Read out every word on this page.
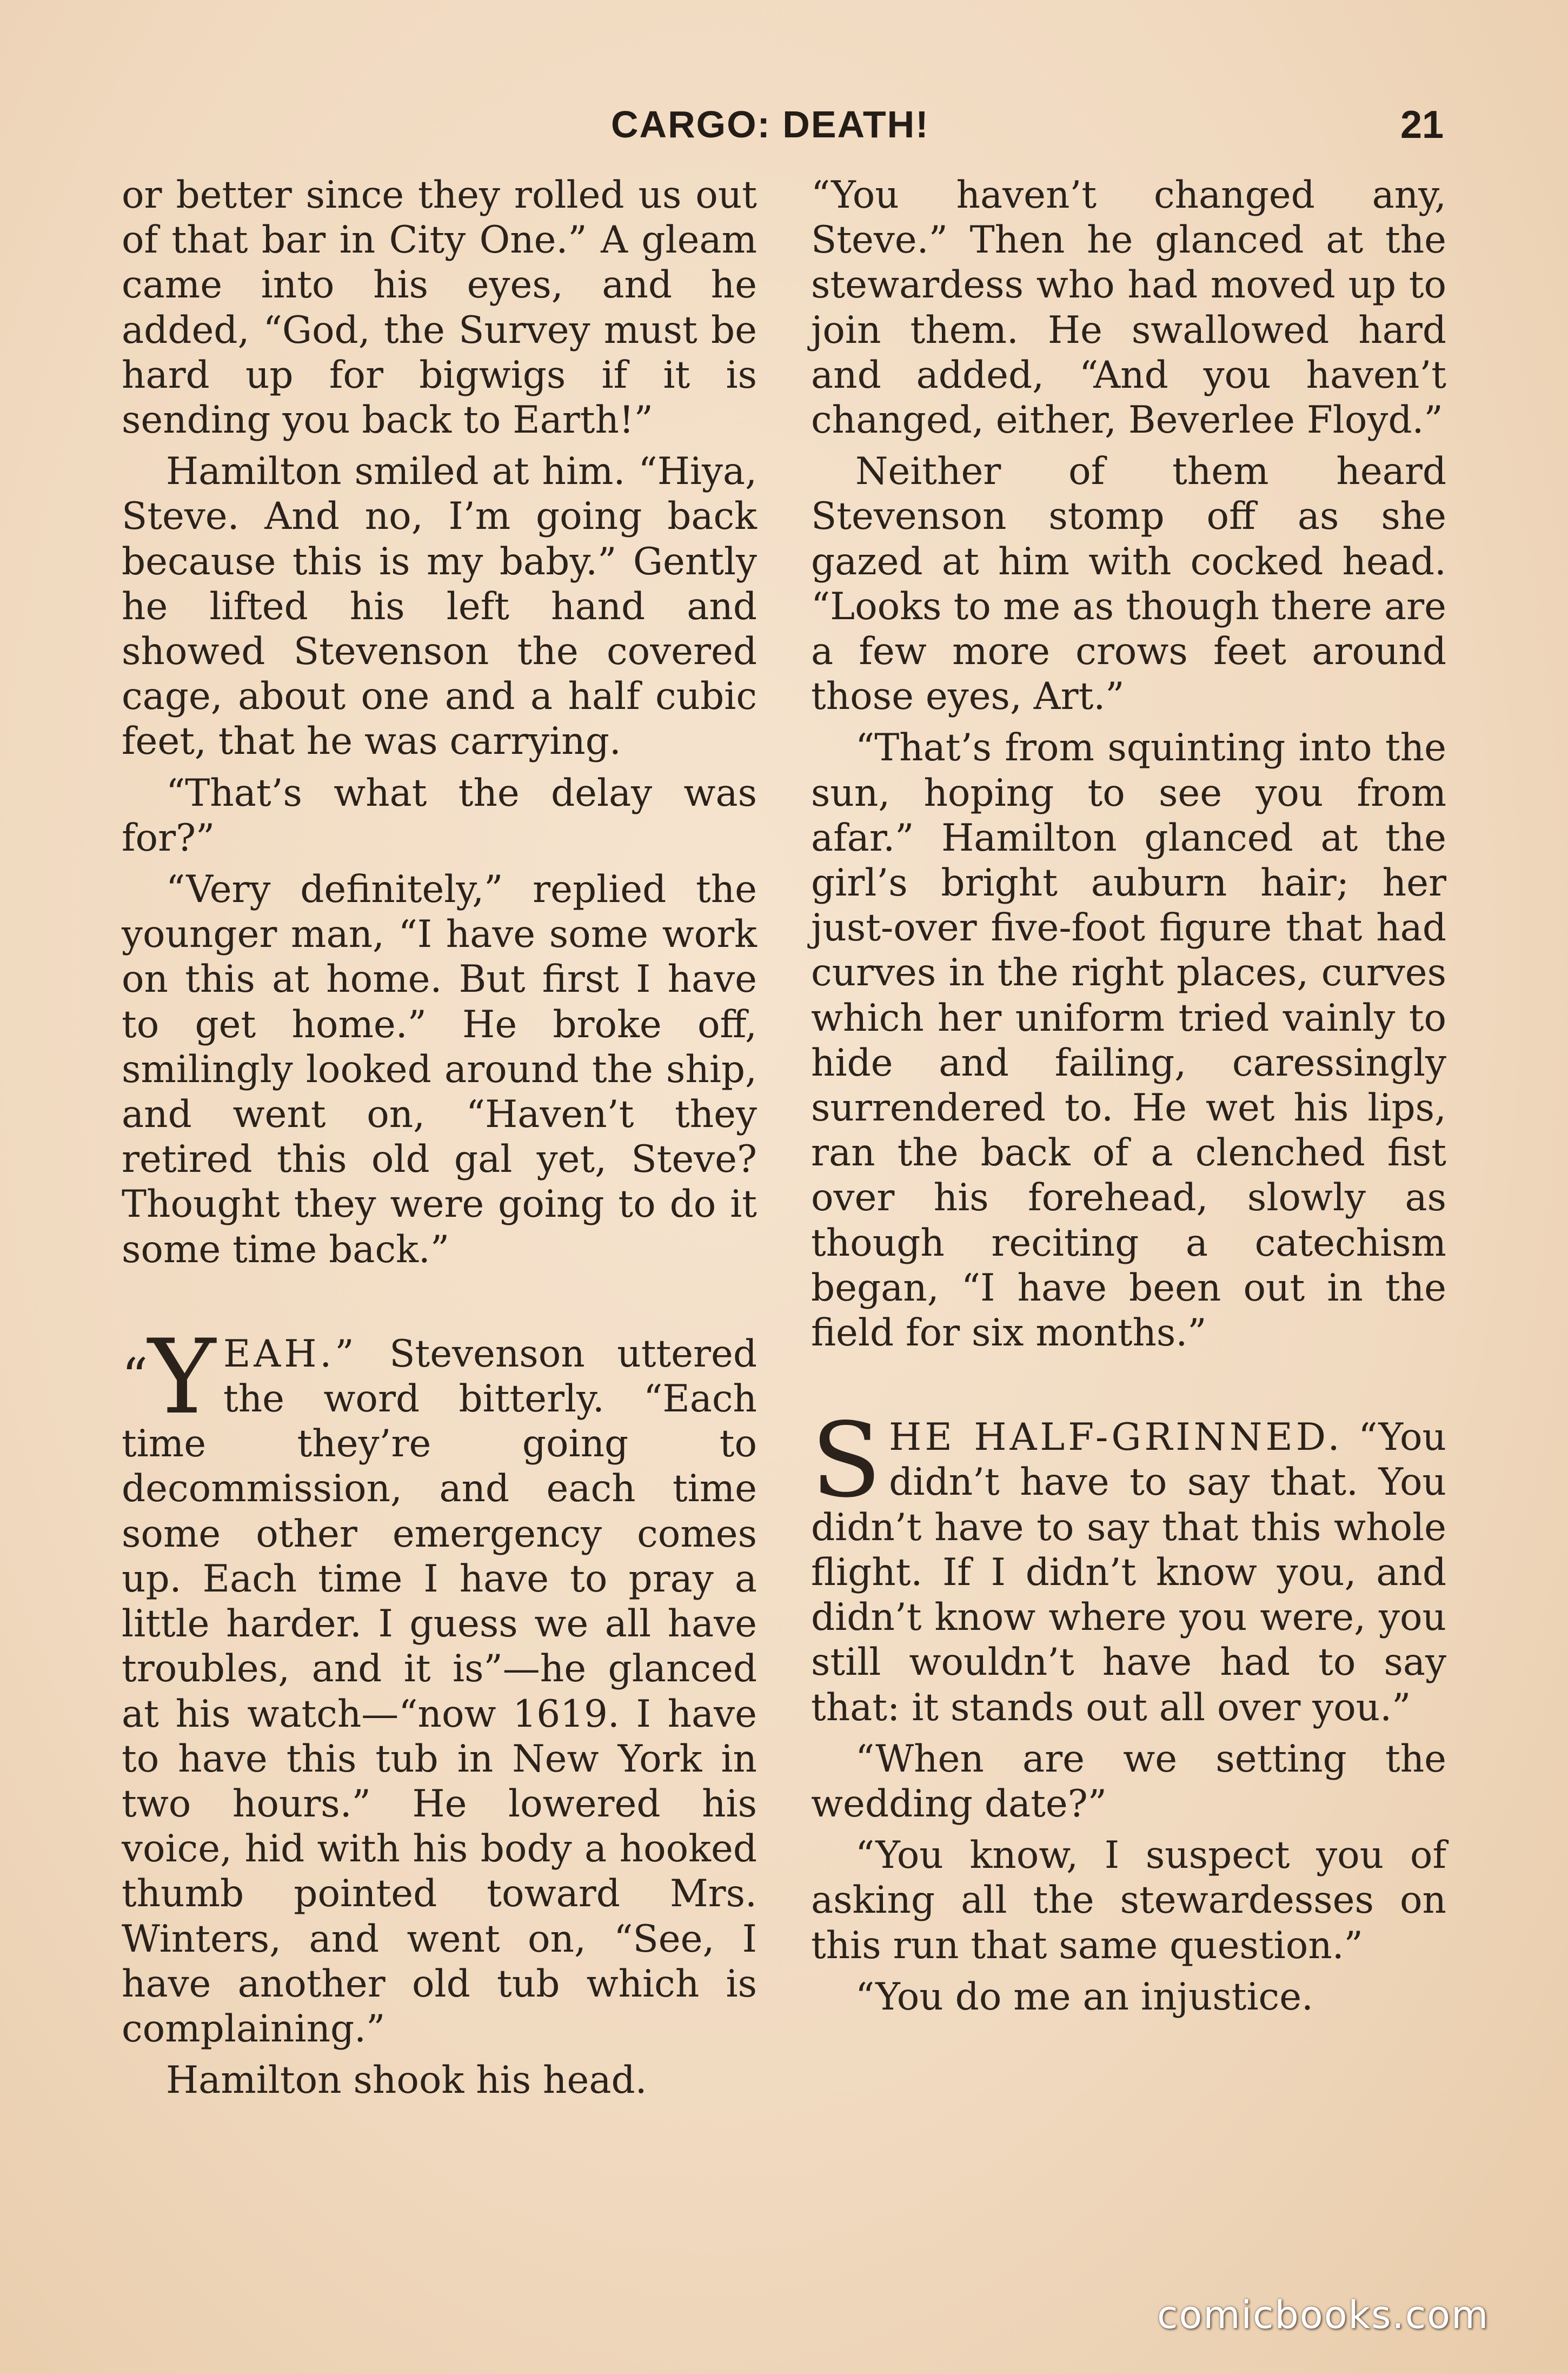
CARGO: DEATH!	21

or better since they rolled us out of that bar in City One.” A gleam came into his eyes, and he added, “God, the Survey must be hard up for bigwigs if it is sending you back to Earth!”

Hamilton smiled at him. “Hiya, Steve. And no, I’m going back because this is my baby.” Gently he lifted his left hand and showed Stevenson the covered cage, about one and a half cubic feet, that he was carrying.

“That’s what the delay was for?”

“Very definitely,” replied the younger man, “I have some work on this at home. But first I have to get home.” He broke off, smilingly looked around the ship, and went on, “Haven’t they retired this old gal yet, Steve? Thought they were going to do it some time back.”

“Y EAH.” Stevenson uttered the word bitterly. “Each time they’re going to decommission, and each time some other emergency comes up. Each time I have to pray a little harder. I guess we all have troubles, and it is”—he glanced at his watch—“now 1619. I have to have this tub in New York in two hours.” He lowered his voice, hid with his body a hooked thumb pointed toward Mrs. Winters, and went on, “See, I have another old tub which is complaining.”

Hamilton shook his head.

“You haven’t changed any, Steve.” Then he glanced at the stewardess who had moved up to join them. He swallowed hard and added, “And you haven’t changed, either, Beverlee Floyd.”

Neither of them heard Stevenson stomp off as she gazed at him with cocked head. “Looks to me as though there are a few more crows feet around those eyes, Art.”

“That’s from squinting into the sun, hoping to see you from afar.” Hamilton glanced at the girl’s bright auburn hair; her just-over five-foot figure that had curves in the right places, curves which her uniform tried vainly to hide and failing, caressingly surrendered to. He wet his lips, ran the back of a clenched fist over his forehead, slowly as though reciting a catechism began, “I have been out in the field for six months.”

SHE HALF-GRINNED. “You didn’t have to say that. You didn’t have to say that this whole flight. If I didn’t know you, and didn’t know where you were, you still wouldn’t have had to say that: it stands out all over you.”

“When are we setting the wedding date?”

“You know, I suspect you of asking all the stewardesses on this run that same question.”

“You do me an injustice.

comicbooks.com
